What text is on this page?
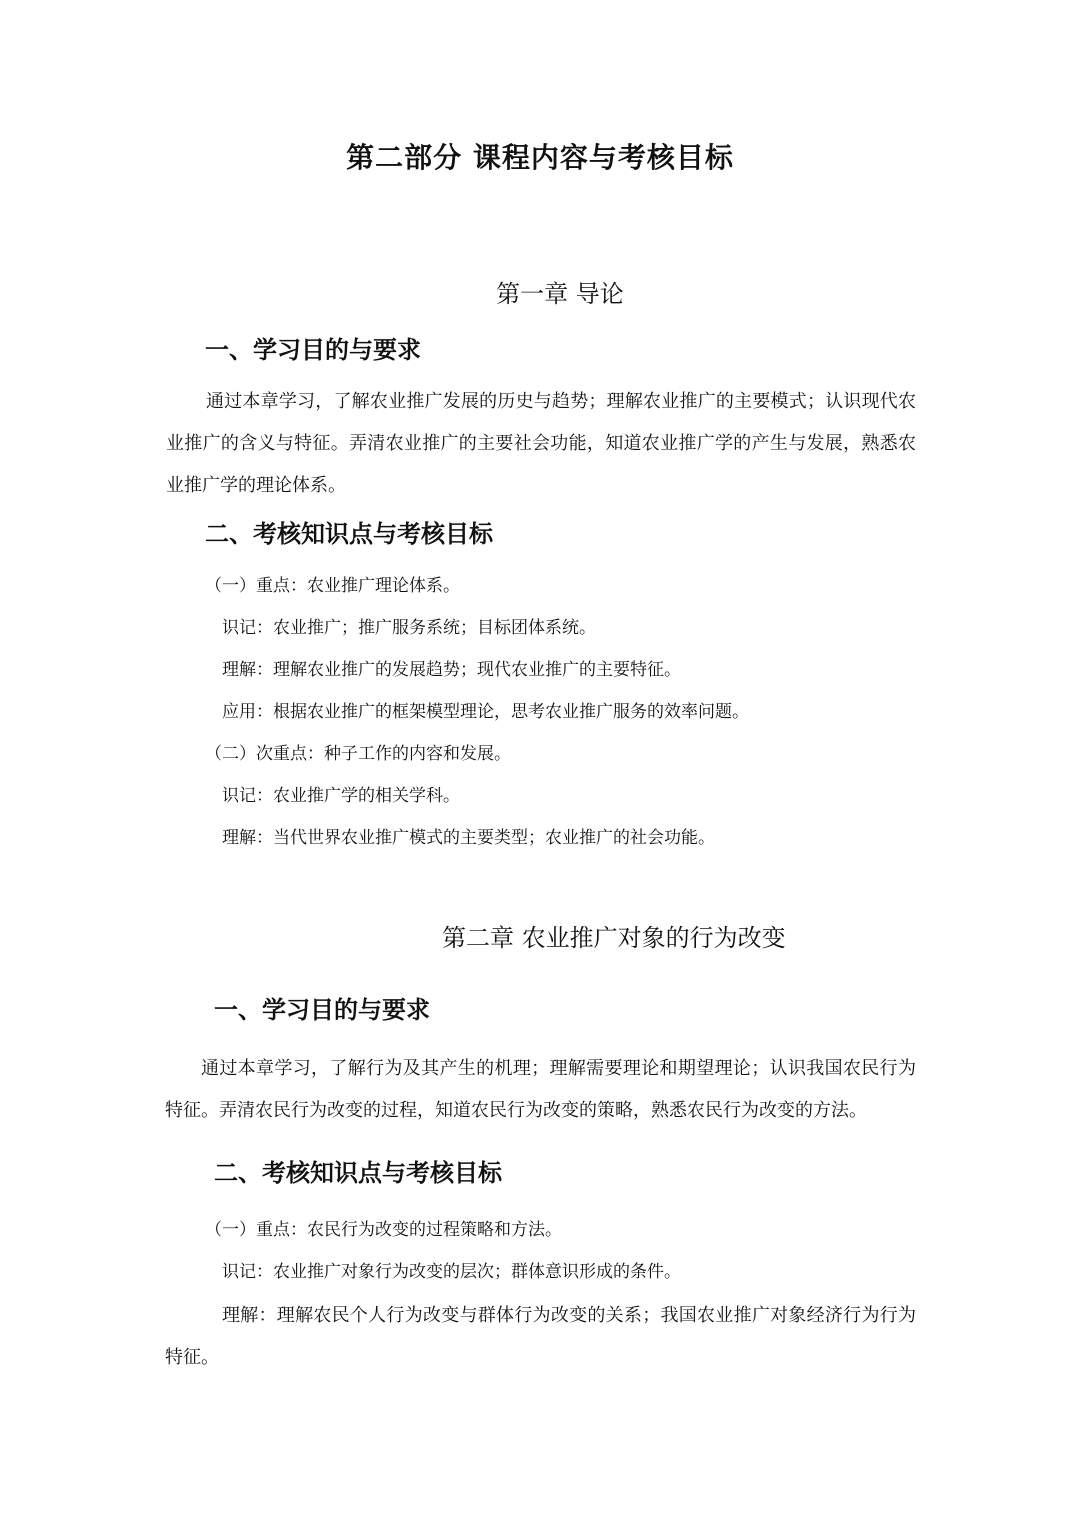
第二部分 课程内容与考核目标
第一章 导论
一、学习目的与要求
通过本章学习，了解农业推广发展的历史与趋势；理解农业推广的主要模式；认识现代农业推广的含义与特征。弄清农业推广的主要社会功能，知道农业推广学的产生与发展，熟悉农业推广学的理论体系。
二、考核知识点与考核目标
（一）重点：农业推广理论体系。
识记：农业推广；推广服务系统；目标团体系统。
理解：理解农业推广的发展趋势；现代农业推广的主要特征。
应用：根据农业推广的框架模型理论，思考农业推广服务的效率问题。
（二）次重点：种子工作的内容和发展。
识记：农业推广学的相关学科。
理解：当代世界农业推广模式的主要类型；农业推广的社会功能。
第二章 农业推广对象的行为改变
一、学习目的与要求
通过本章学习，了解行为及其产生的机理；理解需要理论和期望理论；认识我国农民行为特征。弄清农民行为改变的过程，知道农民行为改变的策略，熟悉农民行为改变的方法。
二、考核知识点与考核目标
（一）重点：农民行为改变的过程策略和方法。
识记：农业推广对象行为改变的层次；群体意识形成的条件。
理解：理解农民个人行为改变与群体行为改变的关系；我国农业推广对象经济行为行为特征。
